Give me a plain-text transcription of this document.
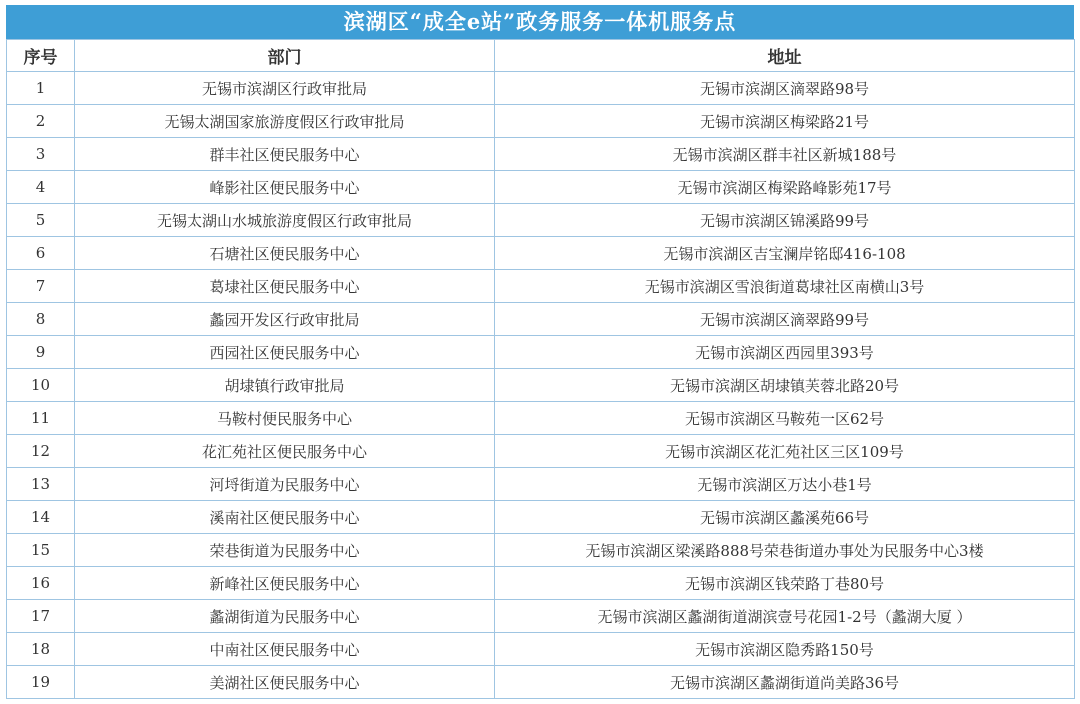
滨湖区“成全e站”政务服务一体机服务点
序号	部门	地址
1	无锡市滨湖区行政审批局	无锡市滨湖区滴翠路98号
2	无锡太湖国家旅游度假区行政审批局	无锡市滨湖区梅梁路21号
3	群丰社区便民服务中心	无锡市滨湖区群丰社区新城188号
4	峰影社区便民服务中心	无锡市滨湖区梅梁路峰影苑17号
5	无锡太湖山水城旅游度假区行政审批局	无锡市滨湖区锦溪路99号
6	石塘社区便民服务中心	无锡市滨湖区吉宝澜岸铭邸416-108
7	葛埭社区便民服务中心	无锡市滨湖区雪浪街道葛埭社区南横山3号
8	蠡园开发区行政审批局	无锡市滨湖区滴翠路99号
9	西园社区便民服务中心	无锡市滨湖区西园里393号
10	胡埭镇行政审批局	无锡市滨湖区胡埭镇芙蓉北路20号
11	马鞍村便民服务中心	无锡市滨湖区马鞍苑一区62号
12	花汇苑社区便民服务中心	无锡市滨湖区花汇苑社区三区109号
13	河埒街道为民服务中心	无锡市滨湖区万达小巷1号
14	溪南社区便民服务中心	无锡市滨湖区蠡溪苑66号
15	荣巷街道为民服务中心	无锡市滨湖区梁溪路888号荣巷街道办事处为民服务中心3楼
16	新峰社区便民服务中心	无锡市滨湖区钱荣路丁巷80号
17	蠡湖街道为民服务中心	无锡市滨湖区蠡湖街道湖滨壹号花园1-2号（蠡湖大厦 ）
18	中南社区便民服务中心	无锡市滨湖区隐秀路150号
19	美湖社区便民服务中心	无锡市滨湖区蠡湖街道尚美路36号
